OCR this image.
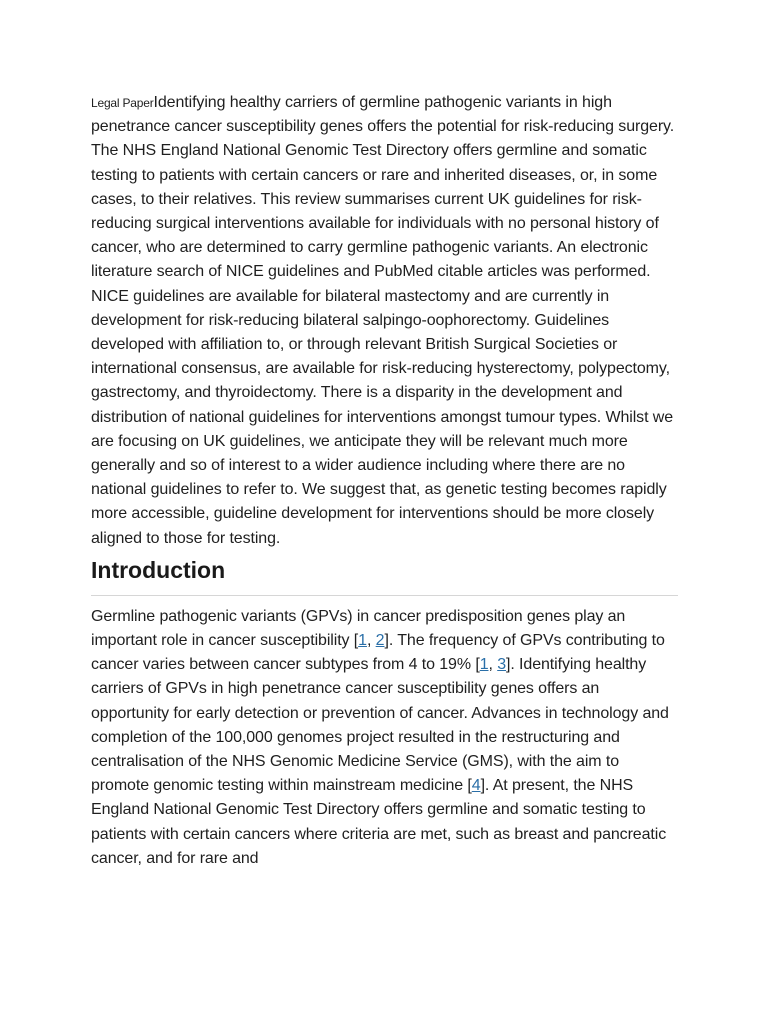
Legal PaperIdentifying healthy carriers of germline pathogenic variants in high penetrance cancer susceptibility genes offers the potential for risk-reducing surgery. The NHS England National Genomic Test Directory offers germline and somatic testing to patients with certain cancers or rare and inherited diseases, or, in some cases, to their relatives. This review summarises current UK guidelines for risk-reducing surgical interventions available for individuals with no personal history of cancer, who are determined to carry germline pathogenic variants. An electronic literature search of NICE guidelines and PubMed citable articles was performed. NICE guidelines are available for bilateral mastectomy and are currently in development for risk-reducing bilateral salpingo-oophorectomy. Guidelines developed with affiliation to, or through relevant British Surgical Societies or international consensus, are available for risk-reducing hysterectomy, polypectomy, gastrectomy, and thyroidectomy. There is a disparity in the development and distribution of national guidelines for interventions amongst tumour types. Whilst we are focusing on UK guidelines, we anticipate they will be relevant much more generally and so of interest to a wider audience including where there are no national guidelines to refer to. We suggest that, as genetic testing becomes rapidly more accessible, guideline development for interventions should be more closely aligned to those for testing.

Introduction

Germline pathogenic variants (GPVs) in cancer predisposition genes play an important role in cancer susceptibility [1, 2]. The frequency of GPVs contributing to cancer varies between cancer subtypes from 4 to 19% [1, 3]. Identifying healthy carriers of GPVs in high penetrance cancer susceptibility genes offers an opportunity for early detection or prevention of cancer. Advances in technology and completion of the 100,000 genomes project resulted in the restructuring and centralisation of the NHS Genomic Medicine Service (GMS), with the aim to promote genomic testing within mainstream medicine [4]. At present, the NHS England National Genomic Test Directory offers germline and somatic testing to patients with certain cancers where criteria are met, such as breast and pancreatic cancer, and for rare and
